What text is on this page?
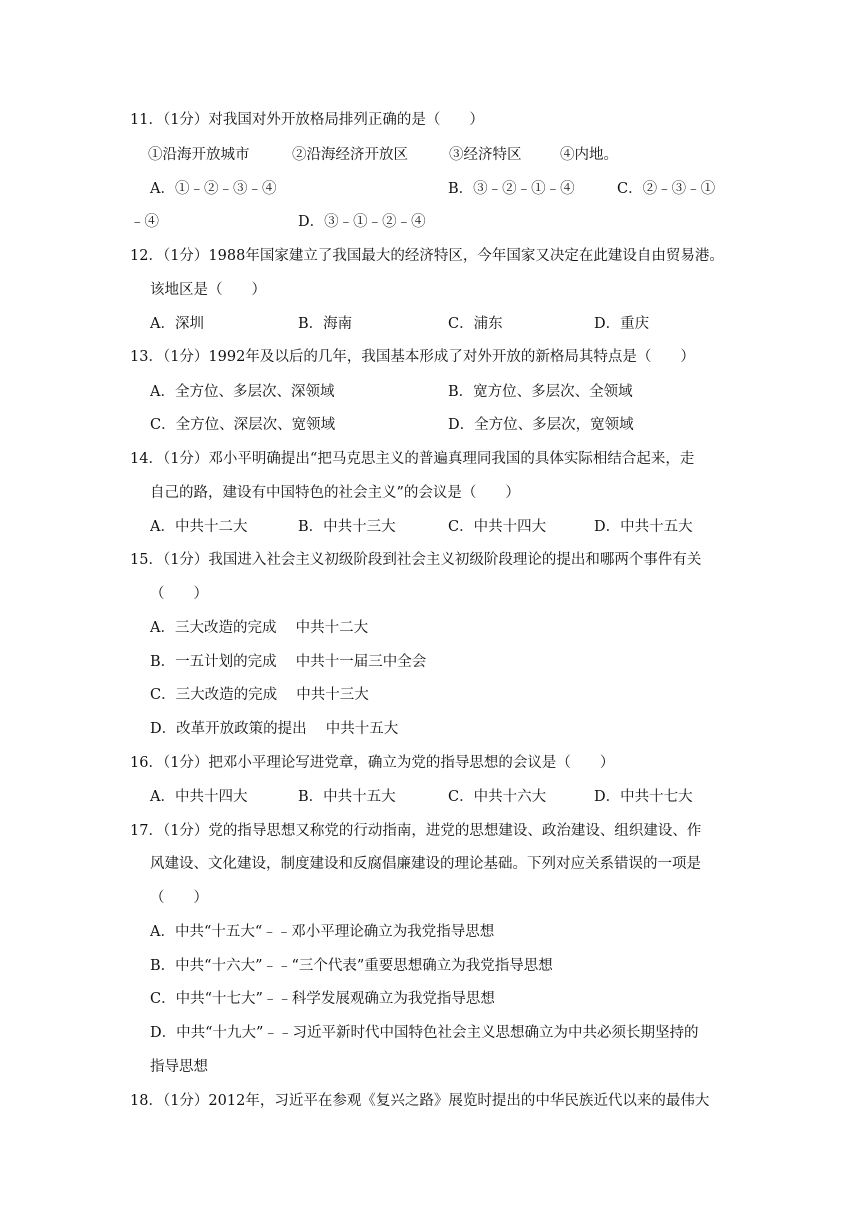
11．（1分）对我国对外开放格局排列正确的是（　　）
①沿海开放城市	②沿海经济开放区	③经济特区	④内地。
A．①﹣②﹣③﹣④	B．③﹣②﹣①﹣④	C．②﹣③﹣①
﹣④	D．③﹣①﹣②﹣④
12．（1分）1988年国家建立了我国最大的经济特区，今年国家又决定在此建设自由贸易港。
该地区是（　　）
A．深圳	B．海南	C．浦东	D．重庆
13．（1分）1992年及以后的几年，我国基本形成了对外开放的新格局其特点是（　　）
A．全方位、多层次、深领域	B．宽方位、多层次、全领域
C．全方位、深层次、宽领域	D．全方位、多层次，宽领域
14．（1分）邓小平明确提出“把马克思主义的普遍真理同我国的具体实际相结合起来，走
自己的路，建设有中国特色的社会主义”的会议是（　　）
A．中共十二大	B．中共十三大	C．中共十四大	D．中共十五大
15．（1分）我国进入社会主义初级阶段到社会主义初级阶段理论的提出和哪两个事件有关
（　　）
A．三大改造的完成　 中共十二大
B．一五计划的完成　 中共十一届三中全会
C．三大改造的完成　 中共十三大
D．改革开放政策的提出　 中共十五大
16．（1分）把邓小平理论写进党章，确立为党的指导思想的会议是（　　）
A．中共十四大	B．中共十五大	C．中共十六大	D．中共十七大
17．（1分）党的指导思想又称党的行动指南，进党的思想建设、政治建设、组织建设、作
风建设、文化建设，制度建设和反腐倡廉建设的理论基础。下列对应关系错误的一项是
（　　）
A．中共“十五大“﹣﹣邓小平理论确立为我党指导思想
B．中共“十六大”﹣﹣“三个代表”重要思想确立为我党指导思想
C．中共“十七大”﹣﹣科学发展观确立为我党指导思想
D．中共“十九大”﹣﹣习近平新时代中国特色社会主义思想确立为中共必须长期坚持的
指导思想
18．（1分）2012年，习近平在参观《复兴之路》展览时提出的中华民族近代以来的最伟大
